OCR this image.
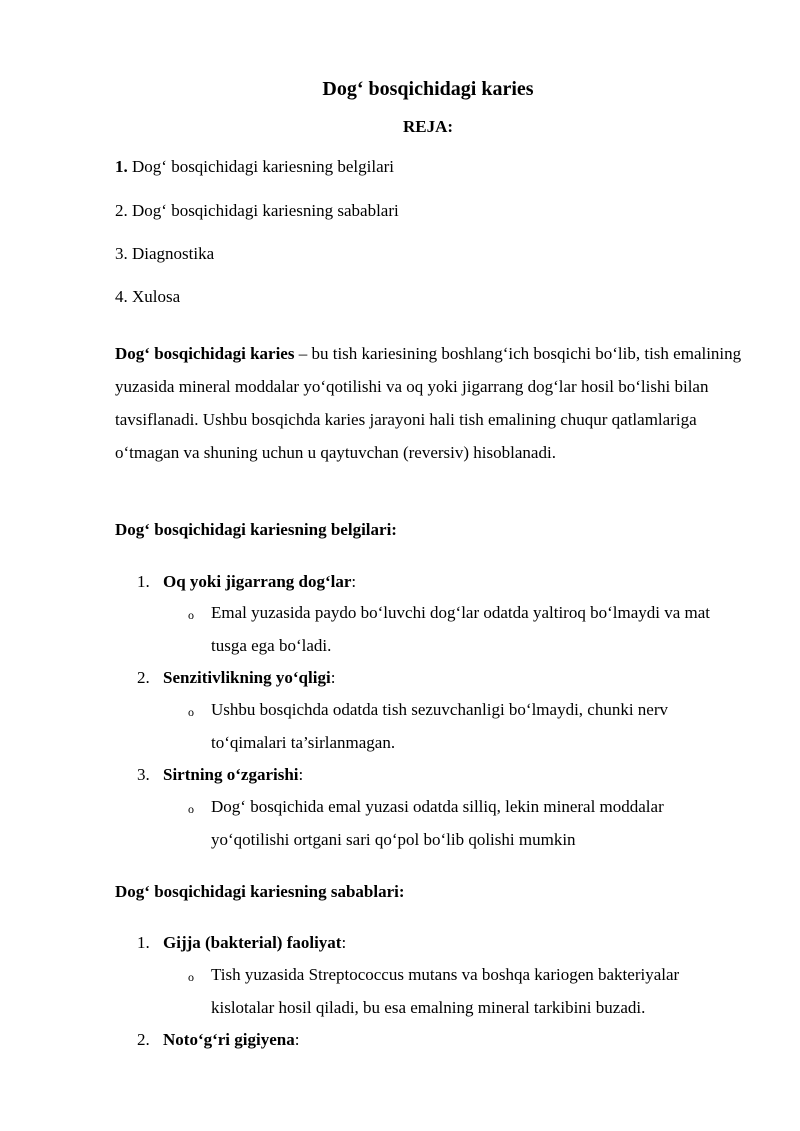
Dog‘ bosqichidagi karies
REJA:
1. Dog‘ bosqichidagi kariesning belgilari
2. Dog‘ bosqichidagi kariesning sabablari
3. Diagnostika
4. Xulosa
Dog‘ bosqichidagi karies – bu tish kariesining boshlang‘ich bosqichi bo‘lib, tish emalining yuzasida mineral moddalar yo‘qotilishi va oq yoki jigarrang dog‘lar hosil bo‘lishi bilan tavsiflanadi. Ushbu bosqichda karies jarayoni hali tish emalining chuqur qatlamlariga o‘tmagan va shuning uchun u qaytuvchan (reversiv) hisoblanadi.
Dog‘ bosqichidagi kariesning belgilari:
1. Oq yoki jigarrang dog‘lar:
o Emal yuzasida paydo bo‘luvchi dog‘lar odatda yaltiroq bo‘lmaydi va mat tusga ega bo‘ladi.
2. Senzitivlikning yo‘qligi:
o Ushbu bosqichda odatda tish sezuvchanligi bo‘lmaydi, chunki nerv to‘qimalari ta’sirlanmagan.
3. Sirtning o‘zgarishi:
o Dog‘ bosqichida emal yuzasi odatda silliq, lekin mineral moddalar yo‘qotilishi ortgani sari qo‘pol bo‘lib qolishi mumkin
Dog‘ bosqichidagi kariesning sabablari:
1. Gijja (bakterial) faoliyat:
o Tish yuzasida Streptococcus mutans va boshqa kariogen bakteriyalar kislotalar hosil qiladi, bu esa emalning mineral tarkibini buzadi.
2. Noto‘g‘ri gigiyena:
